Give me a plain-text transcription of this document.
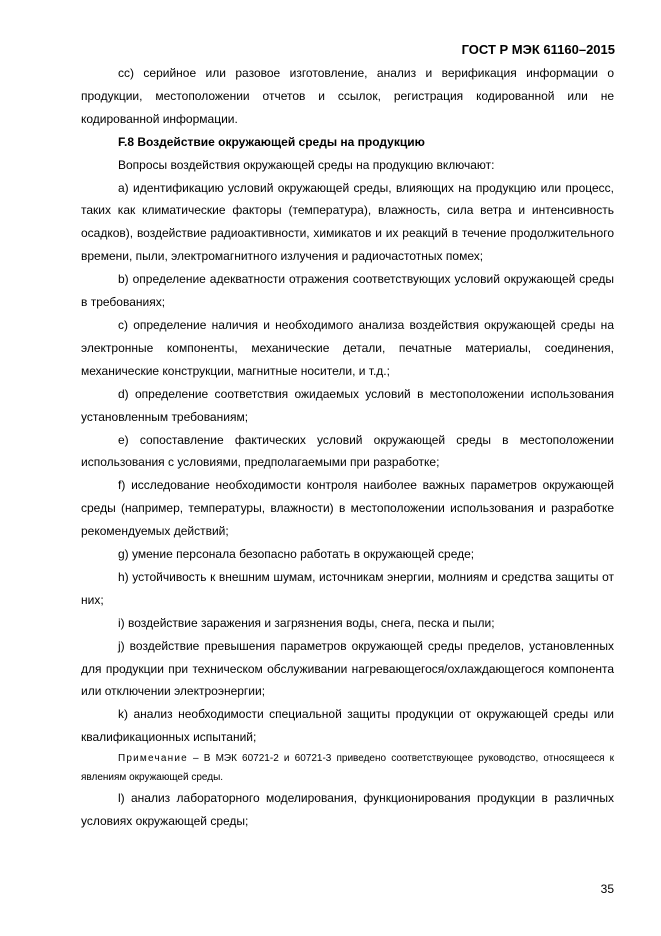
ГОСТ Р МЭК 61160–2015

cc) серийное или разовое изготовление, анализ и верификация информации о продукции, местоположении отчетов и ссылок, регистрация кодированной или не кодированной информации.

F.8 Воздействие окружающей среды на продукцию

Вопросы воздействия окружающей среды на продукцию включают:

a) идентификацию условий окружающей среды, влияющих на продукцию или процесс, таких как климатические факторы (температура), влажность, сила ветра и интенсивность осадков), воздействие радиоактивности, химикатов и их реакций в течение продолжительного времени, пыли, электромагнитного излучения и радиочастотных помех;

b) определение адекватности отражения соответствующих условий окружающей среды в требованиях;

c) определение наличия и необходимого анализа воздействия окружающей среды на электронные компоненты, механические детали, печатные материалы, соединения, механические конструкции, магнитные носители, и т.д.;

d) определение соответствия ожидаемых условий в местоположении использования установленным требованиям;

e) сопоставление фактических условий окружающей среды в местоположении использования с условиями, предполагаемыми при разработке;

f) исследование необходимости контроля наиболее важных параметров окружающей среды (например, температуры, влажности) в местоположении использования и разработке рекомендуемых действий;

g) умение персонала безопасно работать в окружающей среде;

h) устойчивость к внешним шумам, источникам энергии, молниям и средства защиты от них;

i) воздействие заражения и загрязнения воды, снега, песка и пыли;

j) воздействие превышения параметров окружающей среды пределов, установленных для продукции при техническом обслуживании нагревающегося/охлаждающегося компонента или отключении электроэнергии;

k) анализ необходимости специальной защиты продукции от окружающей среды или квалификационных испытаний;

Примечание – В МЭК 60721-2 и 60721-3 приведено соответствующее руководство, относящееся к явлениям окружающей среды.

l) анализ лабораторного моделирования, функционирования продукции в различных условиях окружающей среды;

35
